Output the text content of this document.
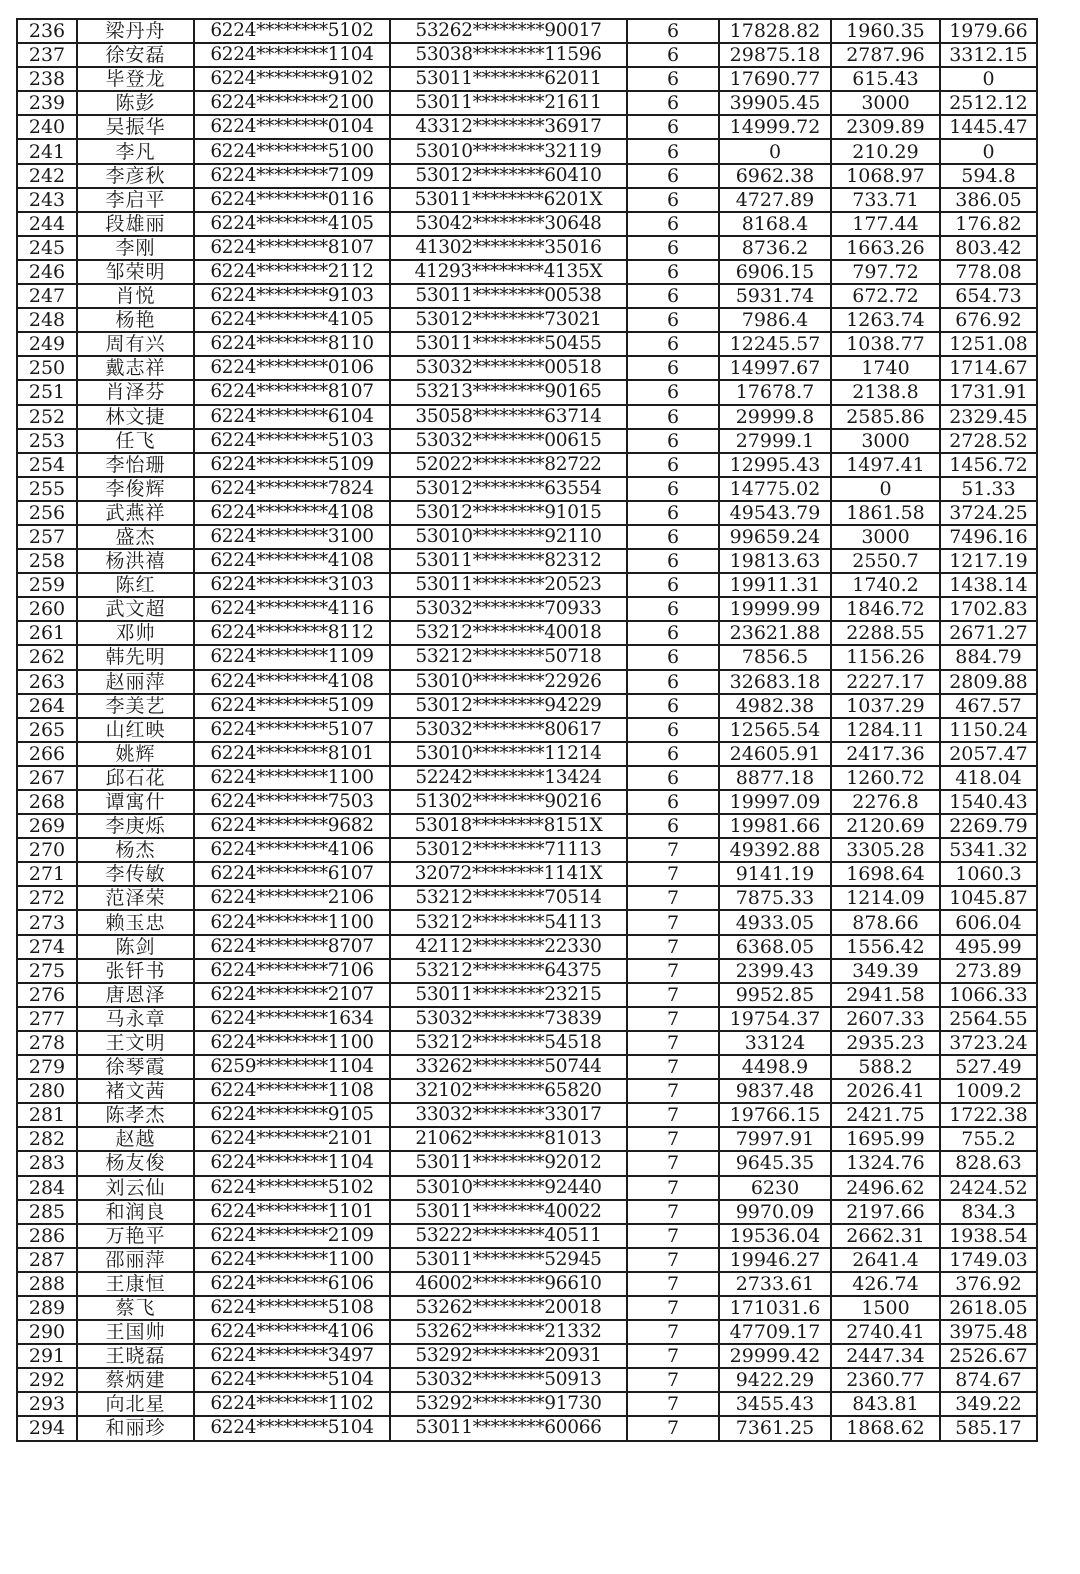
236	梁丹舟	6224********5102	53262********90017	6	17828.82	1960.35	1979.66
237	徐安磊	6224********1104	53038********11596	6	29875.18	2787.96	3312.15
238	毕登龙	6224********9102	53011********62011	6	17690.77	615.43	0
239	陈彭	6224********2100	53011********21611	6	39905.45	3000	2512.12
240	吴振华	6224********0104	43312********36917	6	14999.72	2309.89	1445.47
241	李凡	6224********5100	53010********32119	6	0	210.29	0
242	李彦秋	6224********7109	53012********60410	6	6962.38	1068.97	594.8
243	李启平	6224********0116	53011********6201X	6	4727.89	733.71	386.05
244	段雄丽	6224********4105	53042********30648	6	8168.4	177.44	176.82
245	李刚	6224********8107	41302********35016	6	8736.2	1663.26	803.42
246	邹荣明	6224********2112	41293********4135X	6	6906.15	797.72	778.08
247	肖悦	6224********9103	53011********00538	6	5931.74	672.72	654.73
248	杨艳	6224********4105	53012********73021	6	7986.4	1263.74	676.92
249	周有兴	6224********8110	53011********50455	6	12245.57	1038.77	1251.08
250	戴志祥	6224********0106	53032********00518	6	14997.67	1740	1714.67
251	肖泽芬	6224********8107	53213********90165	6	17678.7	2138.8	1731.91
252	林文捷	6224********6104	35058********63714	6	29999.8	2585.86	2329.45
253	任飞	6224********5103	53032********00615	6	27999.1	3000	2728.52
254	李怡珊	6224********5109	52022********82722	6	12995.43	1497.41	1456.72
255	李俊辉	6224********7824	53012********63554	6	14775.02	0	51.33
256	武燕祥	6224********4108	53012********91015	6	49543.79	1861.58	3724.25
257	盛杰	6224********3100	53010********92110	6	99659.24	3000	7496.16
258	杨洪禧	6224********4108	53011********82312	6	19813.63	2550.7	1217.19
259	陈红	6224********3103	53011********20523	6	19911.31	1740.2	1438.14
260	武文超	6224********4116	53032********70933	6	19999.99	1846.72	1702.83
261	邓帅	6224********8112	53212********40018	6	23621.88	2288.55	2671.27
262	韩先明	6224********1109	53212********50718	6	7856.5	1156.26	884.79
263	赵丽萍	6224********4108	53010********22926	6	32683.18	2227.17	2809.88
264	李美艺	6224********5109	53012********94229	6	4982.38	1037.29	467.57
265	山红映	6224********5107	53032********80617	6	12565.54	1284.11	1150.24
266	姚辉	6224********8101	53010********11214	6	24605.91	2417.36	2057.47
267	邱石花	6224********1100	52242********13424	6	8877.18	1260.72	418.04
268	谭寓什	6224********7503	51302********90216	6	19997.09	2276.8	1540.43
269	李庚烁	6224********9682	53018********8151X	6	19981.66	2120.69	2269.79
270	杨杰	6224********4106	53012********71113	7	49392.88	3305.28	5341.32
271	李传敏	6224********6107	32072********1141X	7	9141.19	1698.64	1060.3
272	范泽荣	6224********2106	53212********70514	7	7875.33	1214.09	1045.87
273	赖玉忠	6224********1100	53212********54113	7	4933.05	878.66	606.04
274	陈剑	6224********8707	42112********22330	7	6368.05	1556.42	495.99
275	张钎书	6224********7106	53212********64375	7	2399.43	349.39	273.89
276	唐恩泽	6224********2107	53011********23215	7	9952.85	2941.58	1066.33
277	马永章	6224********1634	53032********73839	7	19754.37	2607.33	2564.55
278	王文明	6224********1100	53212********54518	7	33124	2935.23	3723.24
279	徐琴霞	6259********1104	33262********50744	7	4498.9	588.2	527.49
280	褚文茜	6224********1108	32102********65820	7	9837.48	2026.41	1009.2
281	陈孝杰	6224********9105	33032********33017	7	19766.15	2421.75	1722.38
282	赵越	6224********2101	21062********81013	7	7997.91	1695.99	755.2
283	杨友俊	6224********1104	53011********92012	7	9645.35	1324.76	828.63
284	刘云仙	6224********5102	53010********92440	7	6230	2496.62	2424.52
285	和润良	6224********1101	53011********40022	7	9970.09	2197.66	834.3
286	万艳平	6224********2109	53222********40511	7	19536.04	2662.31	1938.54
287	邵丽萍	6224********1100	53011********52945	7	19946.27	2641.4	1749.03
288	王康恒	6224********6106	46002********96610	7	2733.61	426.74	376.92
289	蔡飞	6224********5108	53262********20018	7	171031.6	1500	2618.05
290	王国帅	6224********4106	53262********21332	7	47709.17	2740.41	3975.48
291	王晓磊	6224********3497	53292********20931	7	29999.42	2447.34	2526.67
292	蔡炳建	6224********5104	53032********50913	7	9422.29	2360.77	874.67
293	向北星	6224********1102	53292********91730	7	3455.43	843.81	349.22
294	和丽珍	6224********5104	53011********60066	7	7361.25	1868.62	585.17
